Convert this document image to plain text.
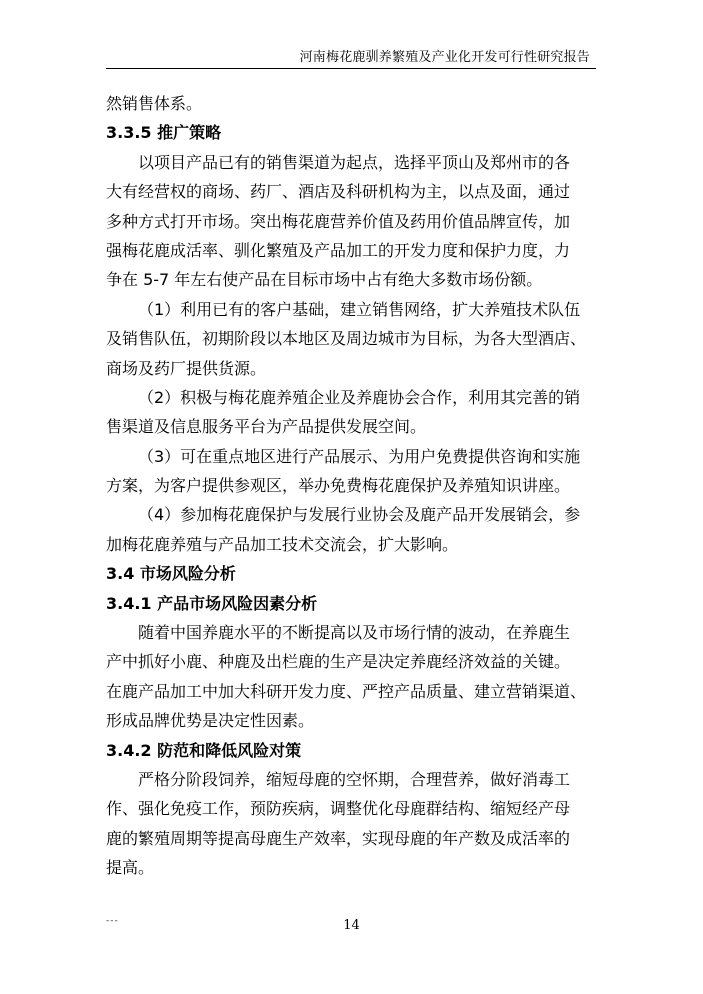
河南梅花鹿驯养繁殖及产业化开发可行性研究报告
然销售体系。
3.3.5 推广策略
以项目产品已有的销售渠道为起点，选择平顶山及郑州市的各
大有经营权的商场、药厂、酒店及科研机构为主，以点及面，通过
多种方式打开市场。突出梅花鹿营养价值及药用价值品牌宣传，加
强梅花鹿成活率、驯化繁殖及产品加工的开发力度和保护力度，力
争在 5-7 年左右使产品在目标市场中占有绝大多数市场份额。
（1）利用已有的客户基础，建立销售网络，扩大养殖技术队伍
及销售队伍，初期阶段以本地区及周边城市为目标，为各大型酒店、
商场及药厂提供货源。
（2）积极与梅花鹿养殖企业及养鹿协会合作，利用其完善的销
售渠道及信息服务平台为产品提供发展空间。
（3）可在重点地区进行产品展示、为用户免费提供咨询和实施
方案，为客户提供参观区，举办免费梅花鹿保护及养殖知识讲座。
（4）参加梅花鹿保护与发展行业协会及鹿产品开发展销会，参
加梅花鹿养殖与产品加工技术交流会，扩大影响。
3.4 市场风险分析
3.4.1 产品市场风险因素分析
随着中国养鹿水平的不断提高以及市场行情的波动，在养鹿生
产中抓好小鹿、种鹿及出栏鹿的生产是决定养鹿经济效益的关键。
在鹿产品加工中加大科研开发力度、严控产品质量、建立营销渠道、
形成品牌优势是决定性因素。
3.4.2 防范和降低风险对策
严格分阶段饲养，缩短母鹿的空怀期，合理营养，做好消毒工
作、强化免疫工作，预防疾病，调整优化母鹿群结构、缩短经产母
鹿的繁殖周期等提高母鹿生产效率，实现母鹿的年产数及成活率的
提高。
---	14
